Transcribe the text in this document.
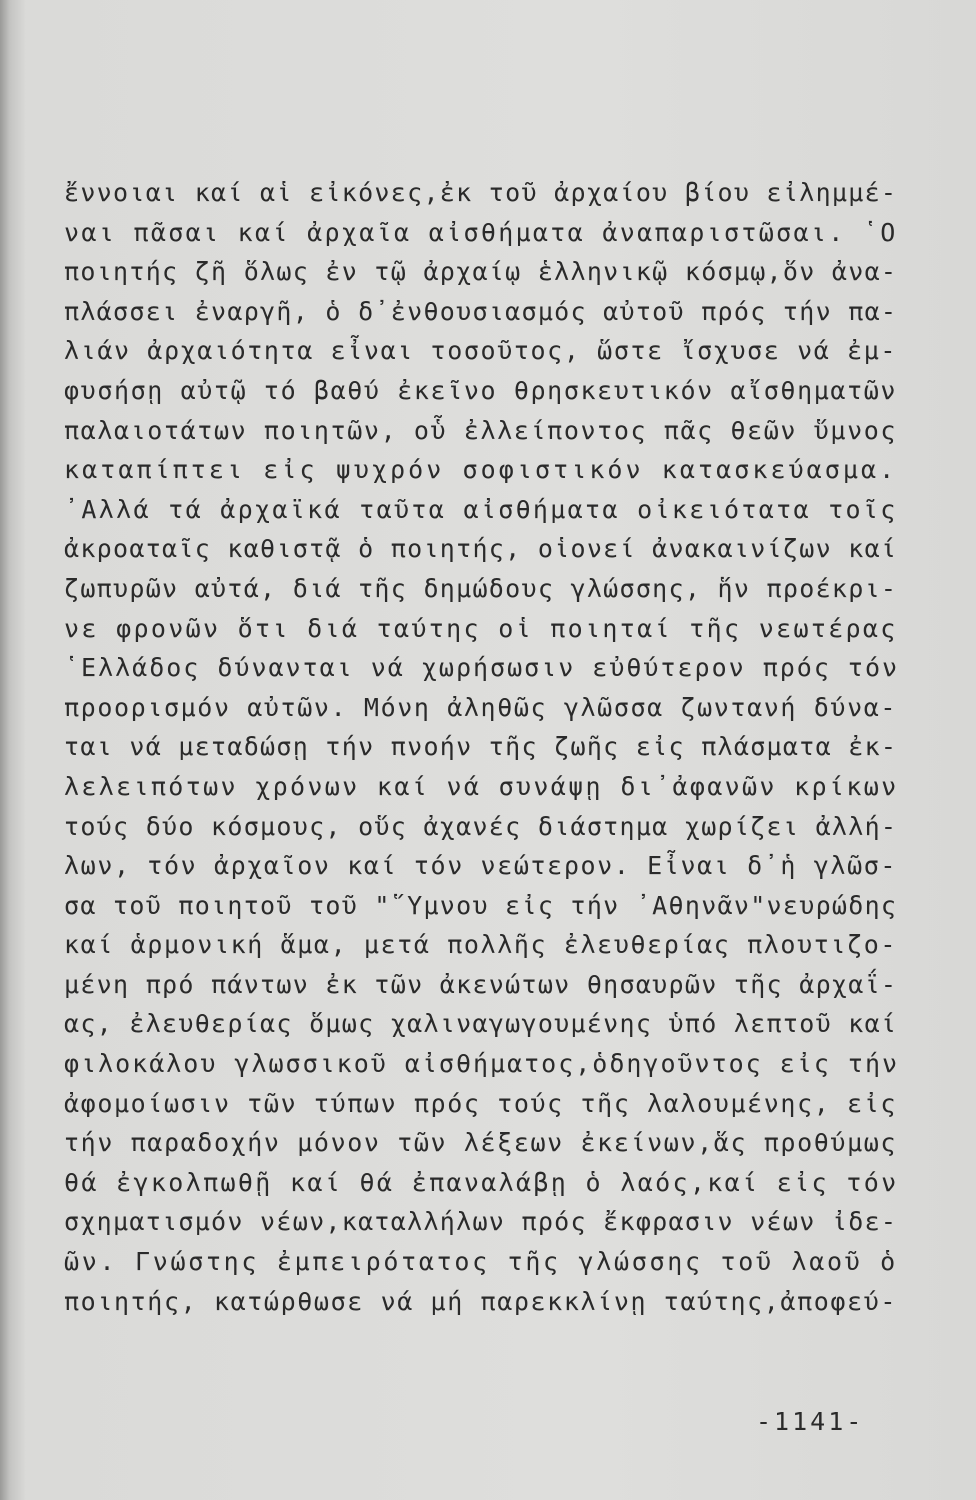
ἔννοιαι καί αἱ εἰκόνες,ἐκ τοῦ ἀρχαίου βίου εἰλημμέ-
ναι πᾶσαι καί ἀρχαῖα αἰσθήματα ἀναπαριστῶσαι. ῾Ο
ποιητής ζῆ ὅλως ἐν τῷ ἀρχαίῳ ἑλληνικῷ κόσμῳ,ὅν ἀνα-
πλάσσει ἐναργῆ, ὁ δ᾿ἐνθουσιασμός αὐτοῦ πρός τήν πα-
λιάν ἀρχαιότητα εἶναι τοσοῦτος, ὥστε ἴσχυσε νά ἐμ-
φυσήσῃ αὐτῷ τό βαθύ ἐκεῖνο θρησκευτικόν αἴσθηματῶν
παλαιοτάτων ποιητῶν, οὗ ἐλλείποντος πᾶς θεῶν ὕμνος
καταπίπτει εἰς ψυχρόν σοφιστικόν κατασκεύασμα.
᾿Αλλά τά ἀρχαϊκά ταῦτα αἰσθήματα οἰκειότατα τοῖς
ἀκροαταῖς καθιστᾷ ὁ ποιητής, οἱονεί ἀνακαινίζων καί
ζωπυρῶν αὐτά, διά τῆς δημώδους γλώσσης, ἥν προέκρι-
νε φρονῶν ὅτι διά ταύτης οἱ ποιηταί τῆς νεωτέρας
῾Ελλάδος δύνανται νά χωρήσωσιν εὐθύτερον πρός τόν
προορισμόν αὐτῶν. Μόνη ἀληθῶς γλῶσσα ζωντανή δύνα-
ται νά μεταδώσῃ τήν πνοήν τῆς ζωῆς εἰς πλάσματα ἐκ-
λελειπότων χρόνων καί νά συνάψῃ δι᾿ἀφανῶν κρίκων
τούς δύο κόσμους, οὕς ἀχανές διάστημα χωρίζει ἀλλή-
λων, τόν ἀρχαῖον καί τόν νεώτερον. Εἶναι δ᾿ἡ γλῶσ-
σα τοῦ ποιητοῦ τοῦ "῞Υμνου εἰς τήν ᾿Αθηνᾶν"νευρώδης
καί ἁρμονική ἅμα, μετά πολλῆς ἐλευθερίας πλουτιζο-
μένη πρό πάντων ἐκ τῶν ἀκενώτων θησαυρῶν τῆς ἀρχαΐ-
ας, ἐλευθερίας ὅμως χαλιναγωγουμένης ὑπό λεπτοῦ καί
φιλοκάλου γλωσσικοῦ αἰσθήματος,ὁδηγοῦντος εἰς τήν
ἀφομοίωσιν τῶν τύπων πρός τούς τῆς λαλουμένης, εἰς
τήν παραδοχήν μόνον τῶν λέξεων ἐκείνων,ἅς προθύμως
θά ἐγκολπωθῇ καί θά ἐπαναλάβῃ ὁ λαός,καί εἰς τόν
σχηματισμόν νέων,καταλλήλων πρός ἔκφρασιν νέων ἰδε-
ῶν. Γνώστης ἐμπειρότατος τῆς γλώσσης τοῦ λαοῦ ὁ
ποιητής, κατώρθωσε νά μή παρεκκλίνῃ ταύτης,ἀποφεύ-
-1141-
